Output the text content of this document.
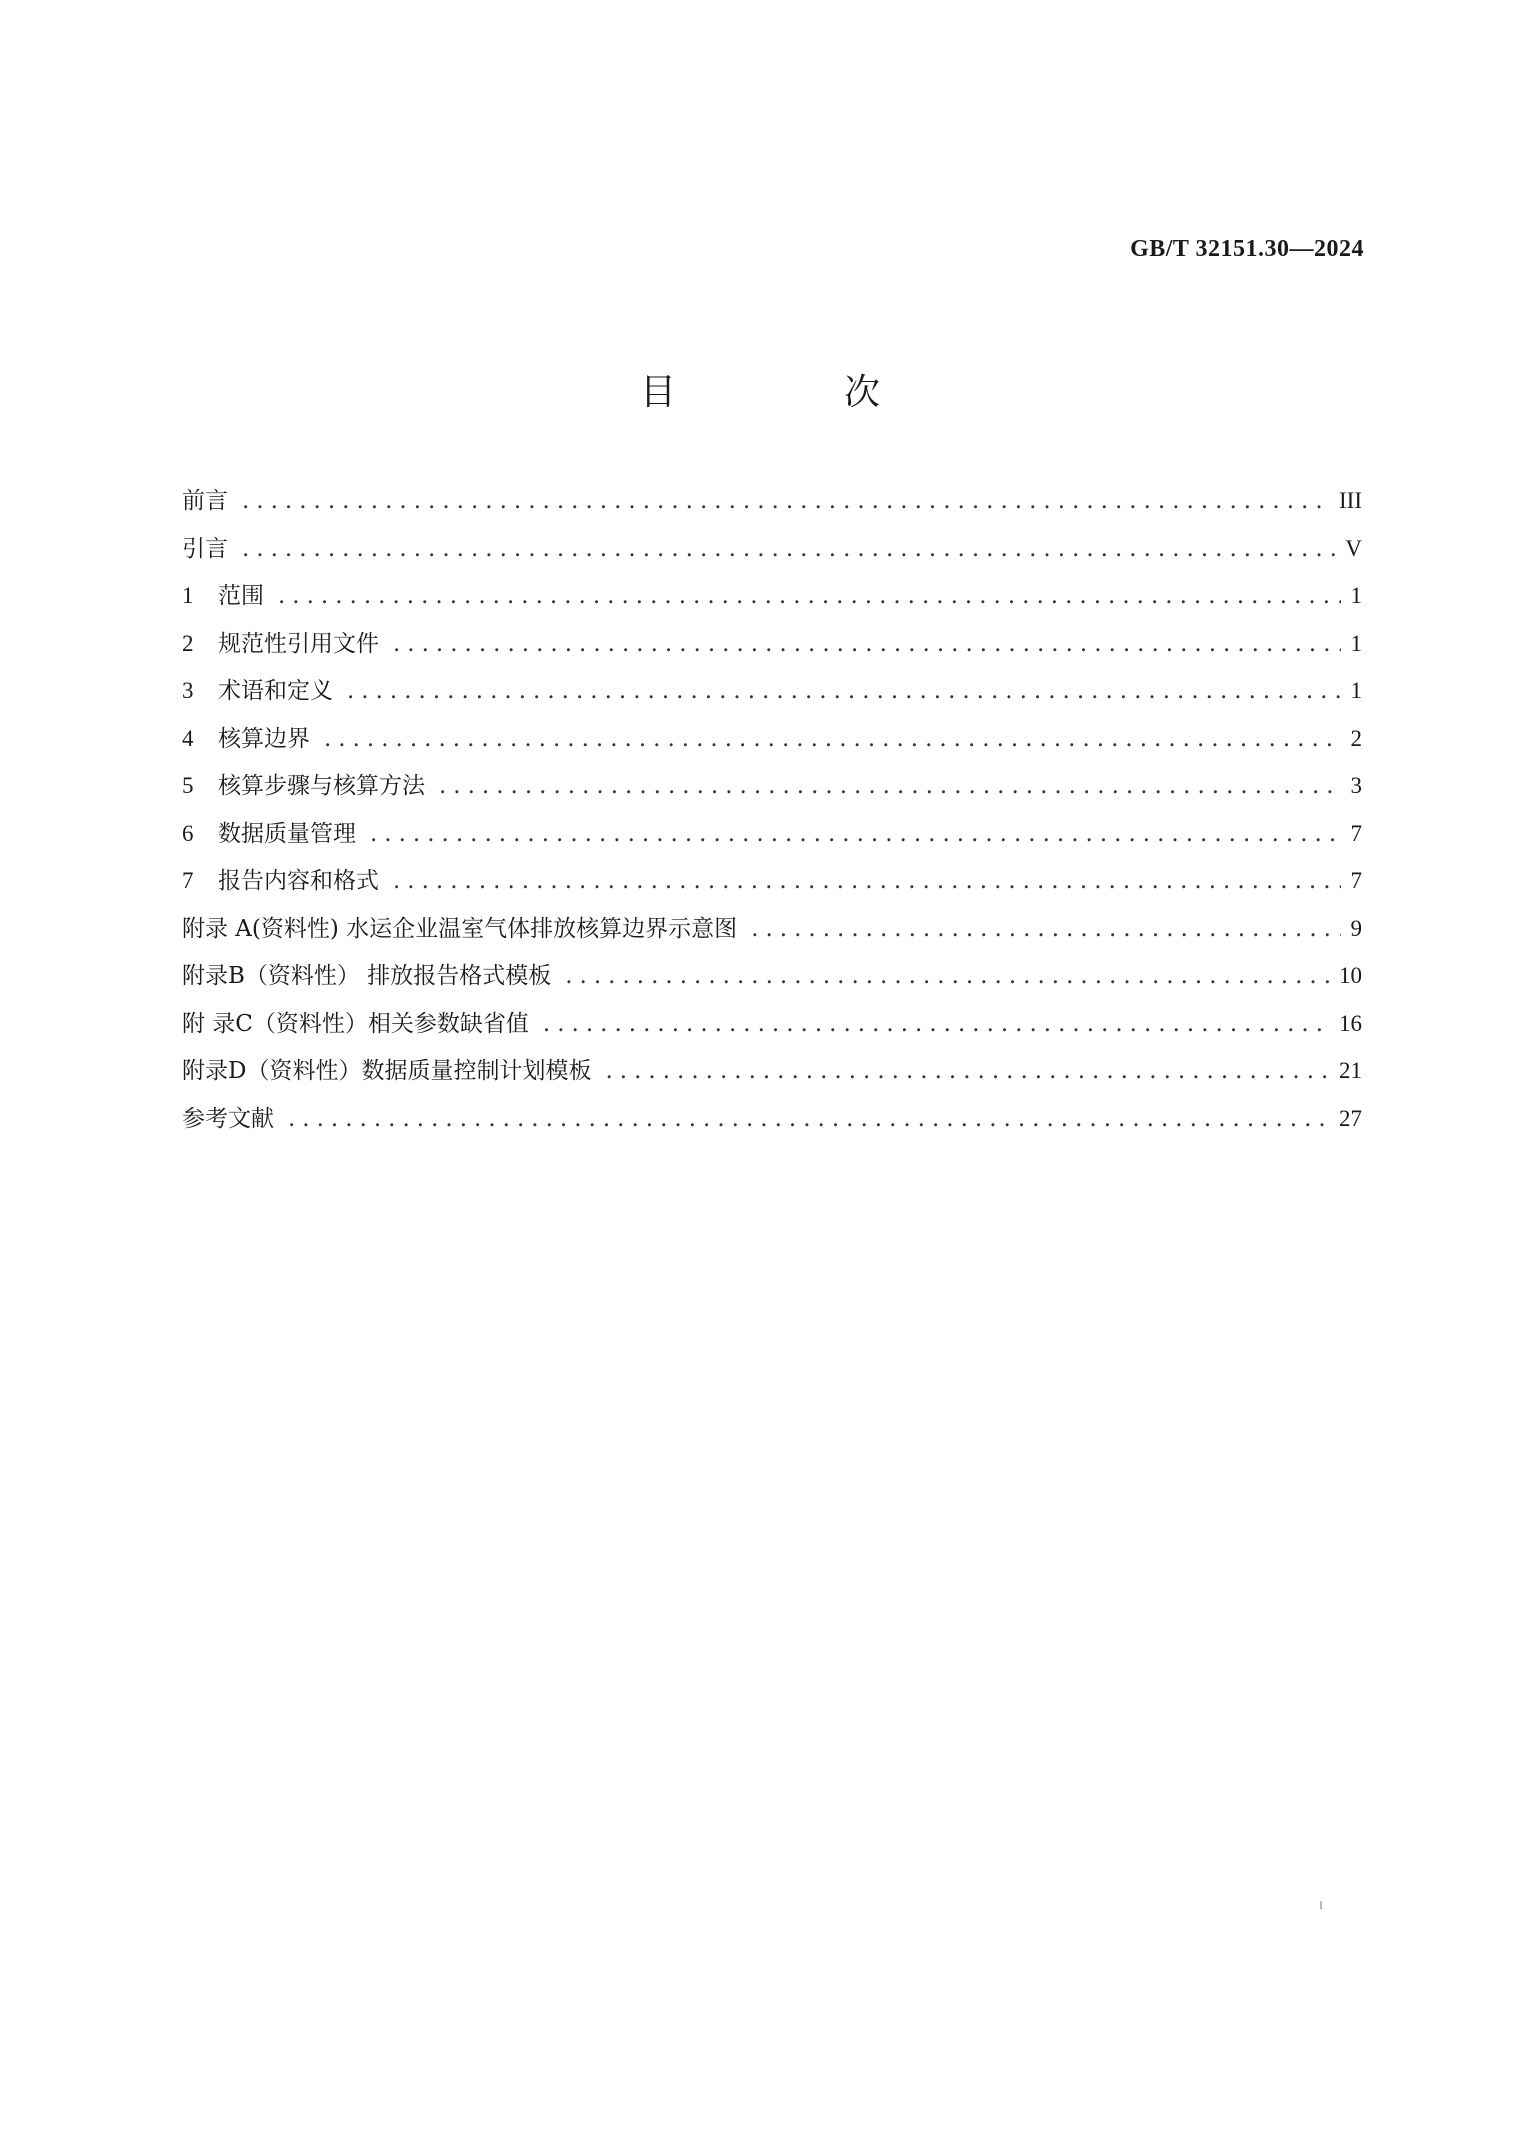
GB/T 32151.30—2024
目　次
前言 .....	III
引言 .....	V
1	范围 .....	1
2	规范性引用文件 .....	1
3	术语和定义 .....	1
4	核算边界 .....	2
5	核算步骤与核算方法 .....	3
6	数据质量管理 .....	7
7	报告内容和格式 .....	7
附录 A(资料性) 水运企业温室气体排放核算边界示意图 .....	9
附录B（资料性） 排放报告格式模板 .....	10
附 录C（资料性）相关参数缺省值 .....	16
附录D（资料性）数据质量控制计划模板 .....	21
参考文献 .....	27
I
